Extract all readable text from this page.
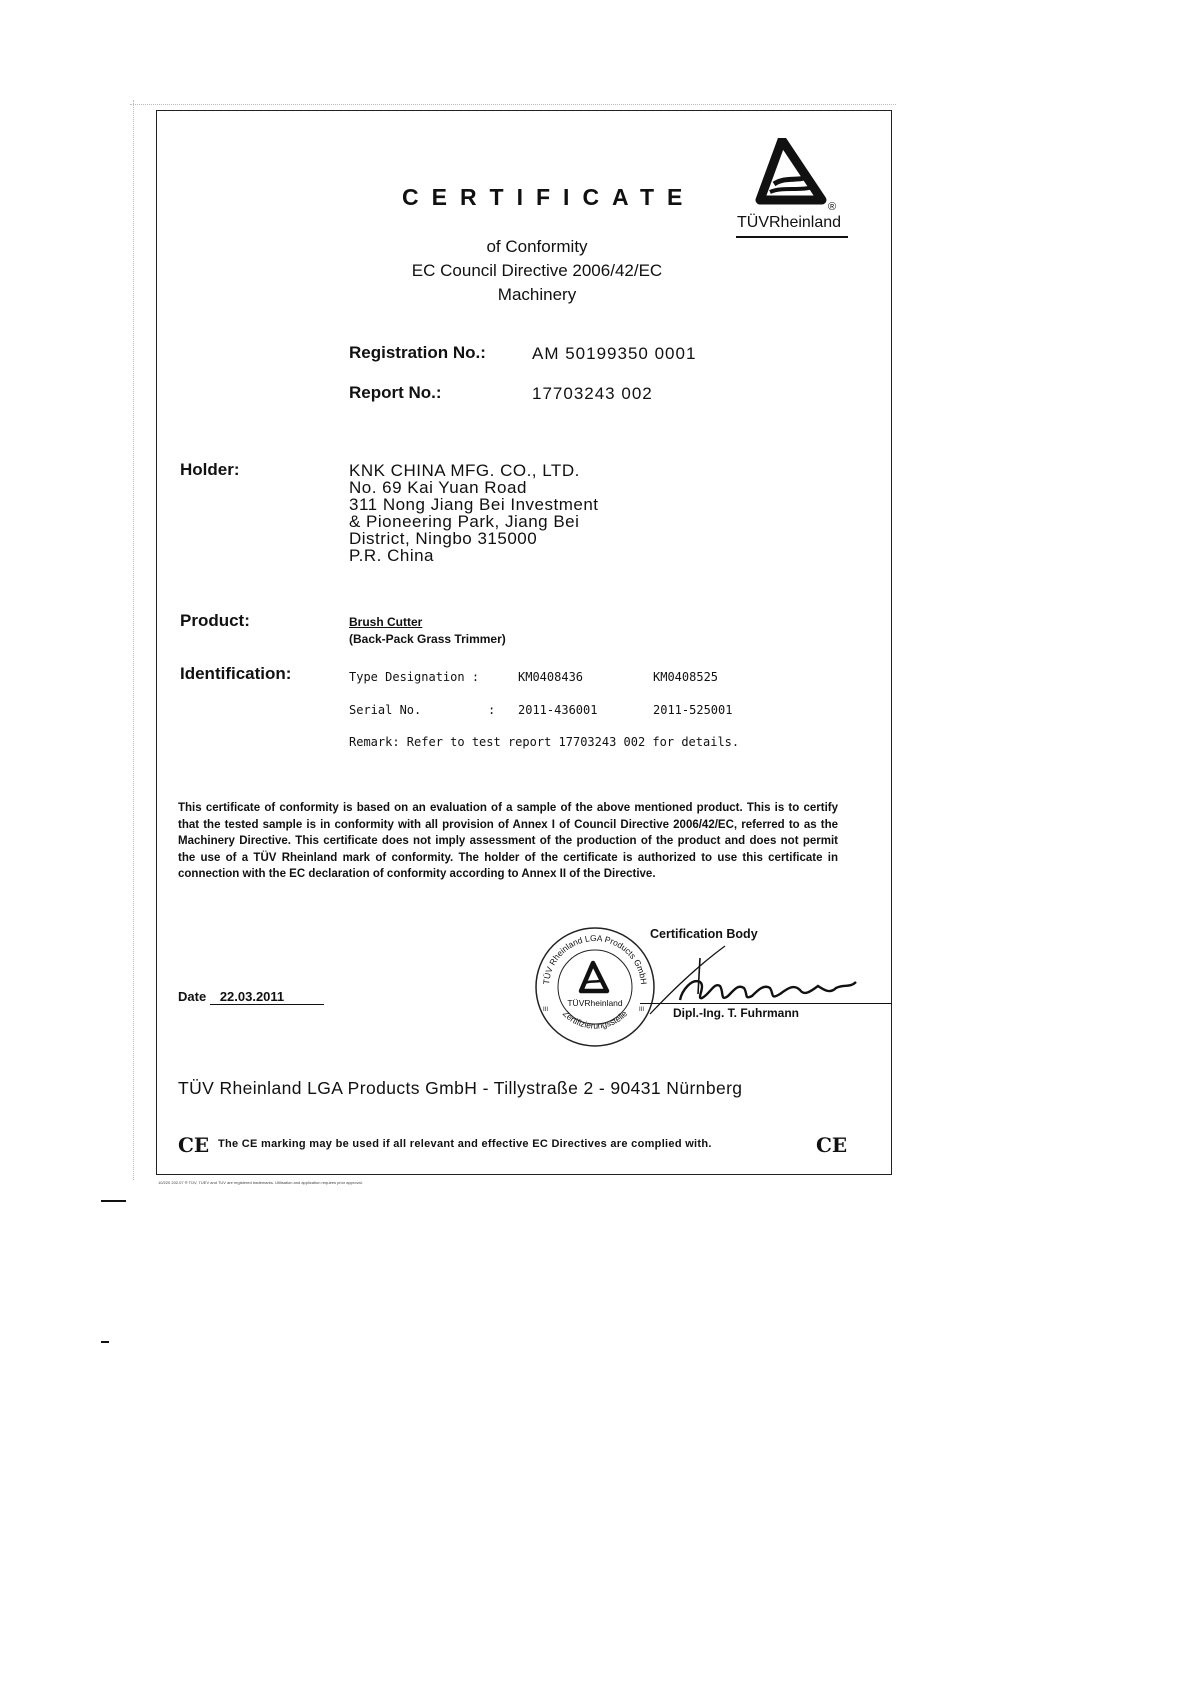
CERTIFICATE
of Conformity
EC Council Directive 2006/42/EC
Machinery
®
TÜVRheinland
Registration No.:	AM 50199350 0001
Report No.:	17703243 002
Holder:	KNK CHINA MFG. CO., LTD.
No. 69 Kai Yuan Road
311 Nong Jiang Bei Investment
& Pioneering Park, Jiang Bei
District, Ningbo 315000
P.R. China
Product:	Brush Cutter
(Back-Pack Grass Trimmer)
Identification:	Type Designation :	KM0408436	KM0408525
Serial No.	: 2011-436001	2011-525001
Remark: Refer to test report 17703243 002 for details.
This certificate of conformity is based on an evaluation of a sample of the above mentioned product. This is to certify that the tested sample is in conformity with all provision of Annex I of Council Directive 2006/42/EC, referred to as the Machinery Directive. This certificate does not imply assessment of the production of the product and does not permit the use of a TÜV Rheinland mark of conformity. The holder of the certificate is authorized to use this certificate in connection with the EC declaration of conformity according to Annex II of the Directive.
Date 22.03.2011
TÜV Rheinland LGA Products GmbH
Zertifizierungsstelle
TÜVRheinland
III	III
Certification Body
Dipl.-Ing. T. Fuhrmann
TÜV Rheinland LGA Products GmbH - Tillystraße 2 - 90431 Nürnberg
CE The CE marking may be used if all relevant and effective EC Directives are complied with.	CE
10/220 202.07 ® TÜV, TUEV and TUV are registered trademarks. Utilisation and application requires prior approval.
